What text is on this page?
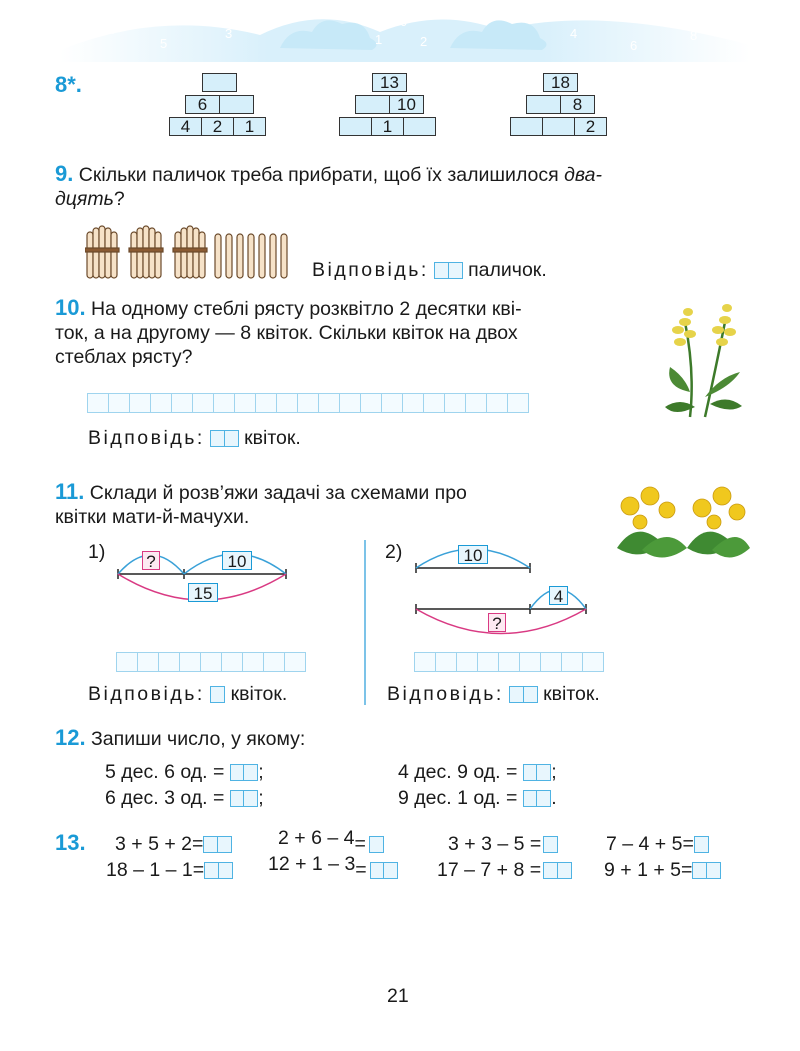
7
5
3	1
0
2
4
6
8
8*.
6	
4	2	1
13
	10
	1	
18
	8
		2
9. Скільки паличок треба прибрати, щоб їх залишилося два-
дцять?
Відповідь: паличок.
10. На одному стеблі рясту розквітло 2 десятки кві-
ток, а на другому — 8 квіток. Скільки квіток на двох
стеблах рясту?
Відповідь: квіток.
11. Склади й розв’яжи задачі за схемами про
квітки мати-й-мачухи.
1) ?	10
15
Відповідь: квіток.
2)	10
4
?
Відповідь: квіток.
12. Запиши число, у якому:
5 дес. 6 од. = ;	4 дес. 9 од. = ;
6 дес. 3 од. = ;	9 дес. 1 од. = .
13. 3 + 5 + 2=	2 + 6 – 4=	3 + 3 – 5 =	7 – 4 + 5=
18 – 1 – 1=	12 + 1 – 3=	17 – 7 + 8 =	9 + 1 + 5=
21
